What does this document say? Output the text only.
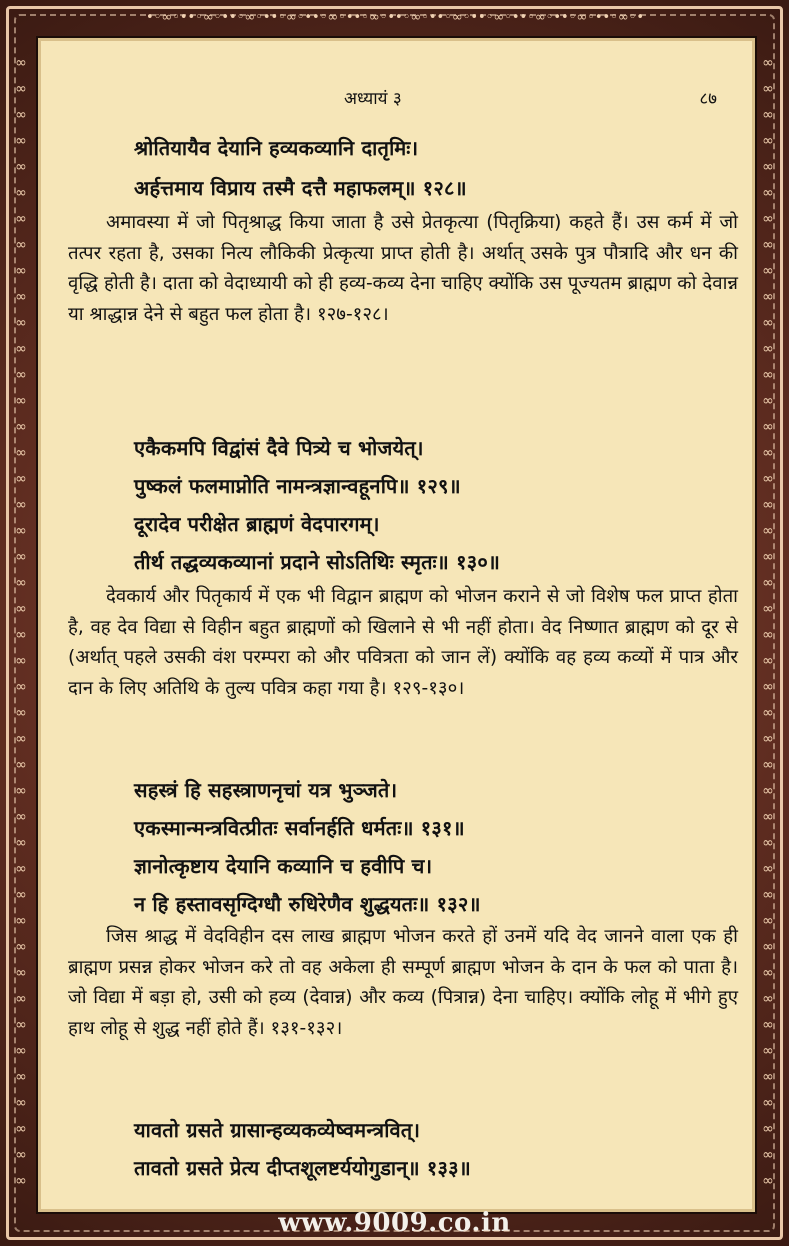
•◦∞◦••◦∞◦••◦∞◦••◦∞◦••◦∞◦••◦∞◦••◦∞◦••◦∞◦••◦∞◦••◦∞◦••◦∞◦••◦∞◦•
∞ ∞ ∞ ∞ ∞ ∞ ∞ ∞ ∞ ∞ ∞ ∞ ∞ ∞ ∞ ∞ ∞ ∞ ∞ ∞ ∞ ∞ ∞ ∞ ∞ ∞ ∞ ∞ ∞ ∞ ∞ ∞ ∞ ∞ ∞ ∞ ∞ ∞ ∞ ∞ ∞ ∞ ∞ ∞
∞ ∞ ∞ ∞ ∞ ∞ ∞ ∞ ∞ ∞ ∞ ∞ ∞ ∞ ∞ ∞ ∞ ∞ ∞ ∞ ∞ ∞ ∞ ∞ ∞ ∞ ∞ ∞ ∞ ∞ ∞ ∞ ∞ ∞ ∞ ∞ ∞ ∞ ∞ ∞ ∞ ∞ ∞ ∞
अध्यायं ३	८७
श्रोतियायैव देयानि हव्यकव्यानि दातृमिः।
अर्हत्तमाय विप्राय तस्मै दत्तै महाफलम्॥ १२८॥

अमावस्या में जो पितृश्राद्ध किया जाता है उसे प्रेतकृत्या (पितृक्रिया) कहते हैं। उस कर्म में जो तत्पर रहता है, उसका नित्य लौकिकी प्रेत्कृत्या प्राप्त होती है। अर्थात् उसके पुत्र पौत्रादि और धन की वृद्धि होती है। दाता को वेदाध्यायी को ही हव्य-कव्य देना चाहिए क्योंकि उस पूज्यतम ब्राह्मण को देवान्न या श्राद्धान्न देने से बहुत फल होता है। १२७-१२८।

एकैकमपि विद्वांसं दैवे पित्र्ये च भोजयेत्।
पुष्कलं फलमाप्नोति नामन्त्रज्ञान्वहूनपि॥ १२९॥
दूरादेव परीक्षेत ब्राह्मणं वेदपारगम्।
तीर्थ तद्धव्यकव्यानां प्रदाने सोऽतिथिः स्मृतः॥ १३०॥

देवकार्य और पितृकार्य में एक भी विद्वान ब्राह्मण को भोजन कराने से जो विशेष फल प्राप्त होता है, वह देव विद्या से विहीन बहुत ब्राह्मणों को खिलाने से भी नहीं होता। वेद निष्णात ब्राह्मण को दूर से (अर्थात् पहले उसकी वंश परम्परा को और पवित्रता को जान लें) क्योंकि वह हव्य कव्यों में पात्र और दान के लिए अतिथि के तुल्य पवित्र कहा गया है। १२९-१३०।

सहस्त्रं हि सहस्त्राणनृचां यत्र भुञ्जते।
एकस्मान्मन्त्रवित्प्रीतः सर्वानर्हति धर्मतः॥ १३१॥
ज्ञानोत्कृष्टाय देयानि कव्यानि च हवीपि च।
न हि हस्तावसृग्दिग्धौ रुधिरेणैव शुद्धयतः॥ १३२॥

जिस श्राद्ध में वेदविहीन दस लाख ब्राह्मण भोजन करते हों उनमें यदि वेद जानने वाला एक ही ब्राह्मण प्रसन्न होकर भोजन करे तो वह अकेला ही सम्पूर्ण ब्राह्मण भोजन के दान के फल को पाता है। जो विद्या में बड़ा हो, उसी को हव्य (देवान्न) और कव्य (पित्रान्न) देना चाहिए। क्योंकि लोहू में भीगे हुए हाथ लोहू से शुद्ध नहीं होते हैं। १३१-१३२।

यावतो ग्रसते ग्रासान्हव्यकव्येष्वमन्त्रवित्।
तावतो ग्रसते प्रेत्य दीप्तशूलष्टर्ययोगुडान्॥ १३३॥
www.9009.co.in
